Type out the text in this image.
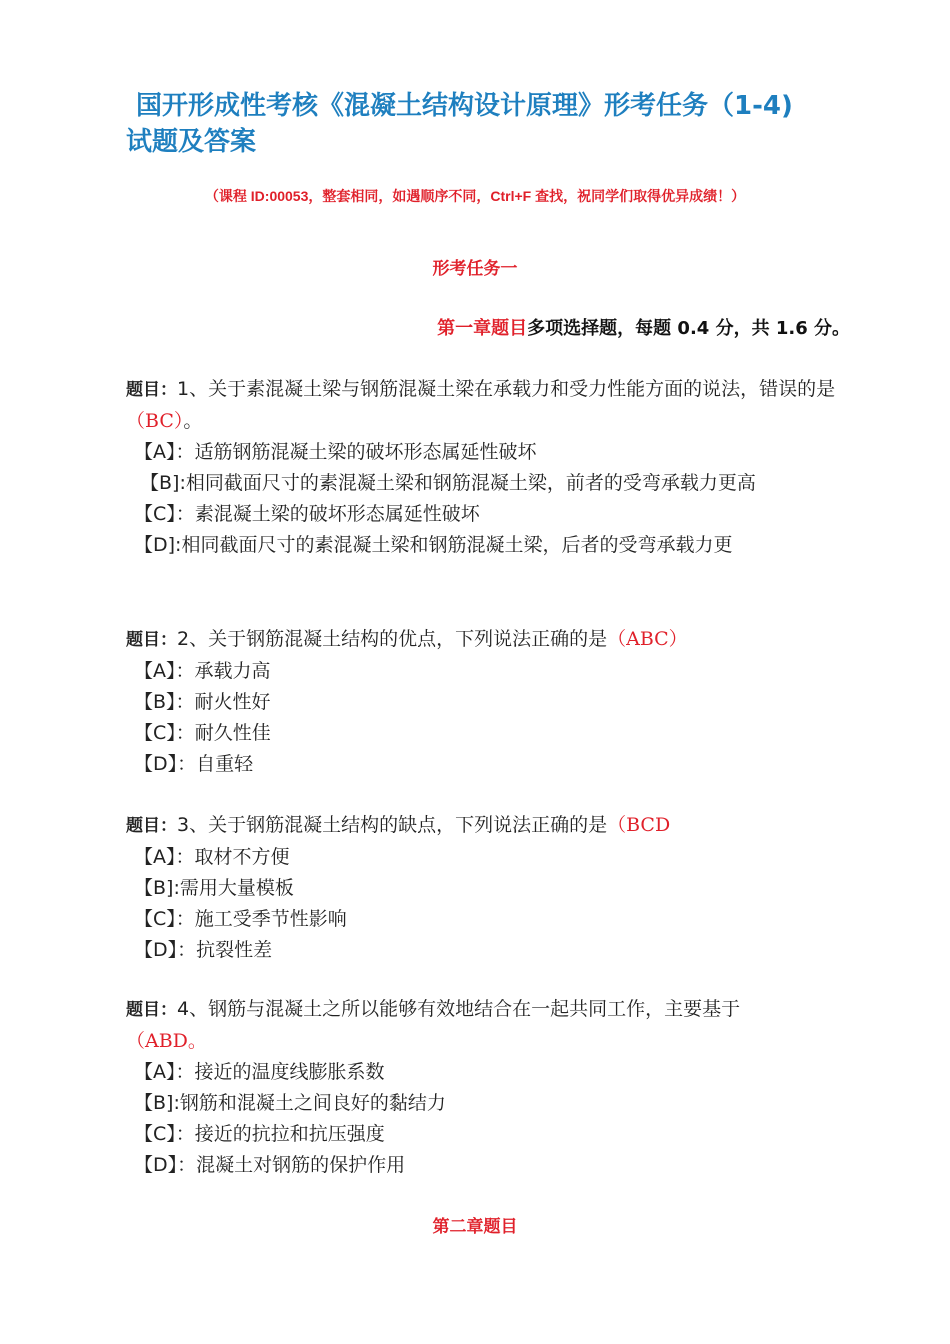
国开形成性考核《混凝土结构设计原理》形考任务（1-4)
试题及答案
（课程 ID:00053，整套相同，如遇顺序不同，Ctrl+F 查找，祝同学们取得优异成绩！）
形考任务一
第一章题目多项选择题，每题 0.4 分，共 1.6 分。
题目：1、关于素混凝土梁与钢筋混凝土梁在承载力和受力性能方面的说法，错误的是（BC）。
【A】：适筋钢筋混凝土梁的破坏形态属延性破坏
【B]:相同截面尺寸的素混凝土梁和钢筋混凝土梁，前者的受弯承载力更高
【C】：素混凝土梁的破坏形态属延性破坏
【D]:相同截面尺寸的素混凝土梁和钢筋混凝土梁，后者的受弯承载力更
题目：2、关于钢筋混凝土结构的优点，下列说法正确的是（ABC）
【A】：承载力高
【B】：耐火性好
【C】：耐久性佳
【D】：自重轻
题目：3、关于钢筋混凝土结构的缺点，下列说法正确的是（BCD
【A】：取材不方便
【B]:需用大量模板
【C】：施工受季节性影响
【D】：抗裂性差
题目：4、钢筋与混凝土之所以能够有效地结合在一起共同工作，主要基于
（ABD。
【A】：接近的温度线膨胀系数
【B]:钢筋和混凝土之间良好的黏结力
【C】：接近的抗拉和抗压强度
【D】：混凝土对钢筋的保护作用
第二章题目
